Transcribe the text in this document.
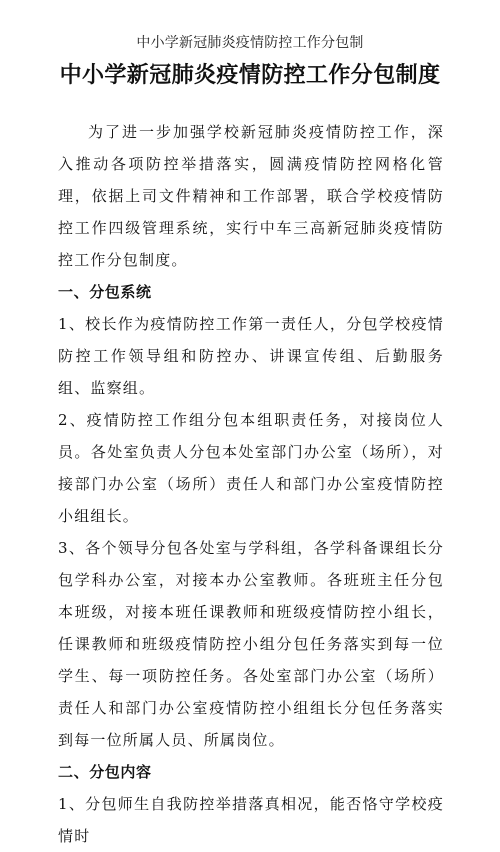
中小学新冠肺炎疫情防控工作分包制
中小学新冠肺炎疫情防控工作分包制度

为了进一步加强学校新冠肺炎疫情防控工作，深入推动各项防控举措落实，圆满疫情防控网格化管理，依据上司文件精神和工作部署，联合学校疫情防控工作四级管理系统，实行中车三高新冠肺炎疫情防控工作分包制度。

一、分包系统

1、校长作为疫情防控工作第一责任人，分包学校疫情防控工作领导组和防控办、讲课宣传组、后勤服务组、监察组。

2、疫情防控工作组分包本组职责任务，对接岗位人员。各处室负责人分包本处室部门办公室（场所），对接部门办公室（场所）责任人和部门办公室疫情防控小组组长。

3、各个领导分包各处室与学科组，各学科备课组长分包学科办公室，对接本办公室教师。各班班主任分包本班级，对接本班任课教师和班级疫情防控小组长，任课教师和班级疫情防控小组分包任务落实到每一位学生、每一项防控任务。各处室部门办公室（场所）责任人和部门办公室疫情防控小组组长分包任务落实到每一位所属人员、所属岗位。

二、分包内容

1、分包师生自我防控举措落真相况，能否恪守学校疫情时
